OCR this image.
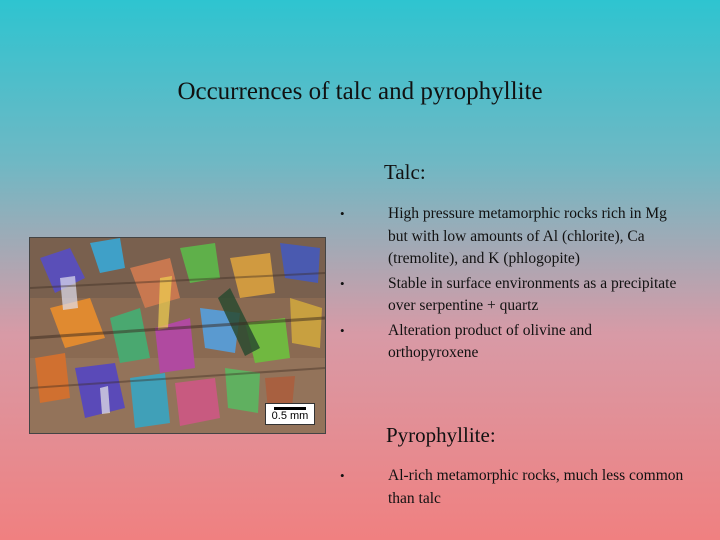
Occurrences of talc and pyrophyllite
Talc:
•	High pressure metamorphic rocks rich in Mg but with low amounts of Al (chlorite), Ca (tremolite), and K (phlogopite)
•	Stable in surface environments as a precipitate over serpentine + quartz
•	Alteration product of olivine and orthopyroxene
0.5 mm
Pyrophyllite:
•	Al-rich metamorphic rocks, much less common than talc
